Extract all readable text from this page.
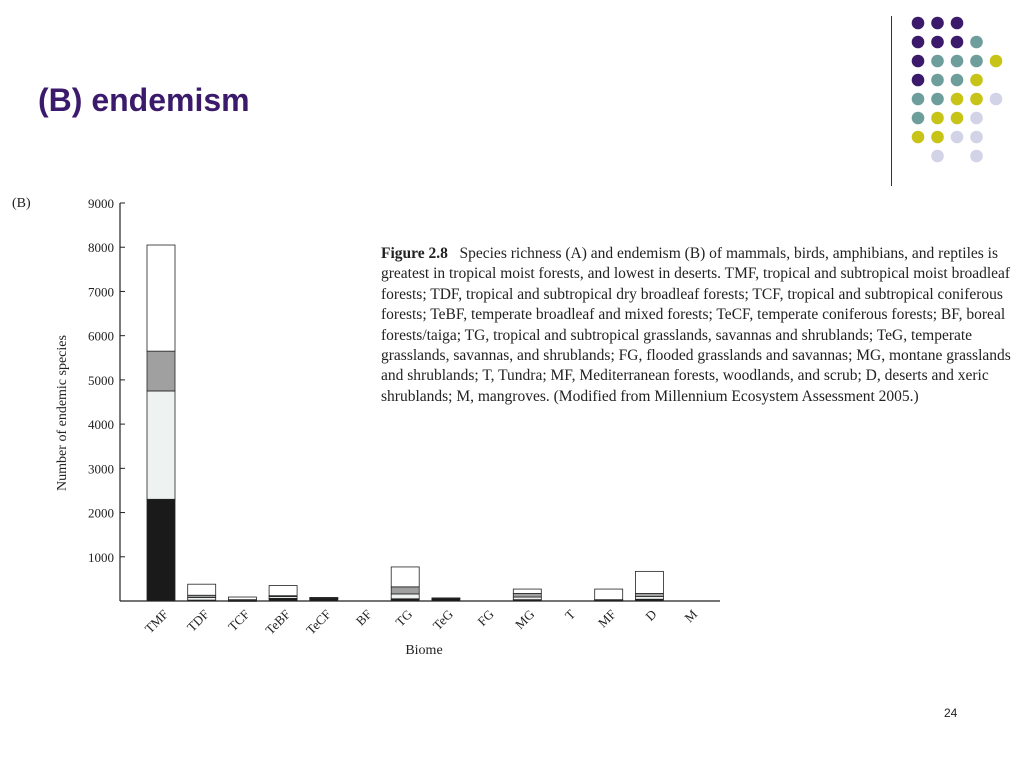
(B) endemism
(B)
Number of endemic species
Biome
1000
2000
3000
4000
5000
6000
7000
8000
9000
TMF TDF TCF TeBF TeCF BF TG TeG FG MG T MF D M
Figure 2.8 Species richness (A) and endemism (B) of mammals, birds, amphibians, and reptiles is greatest in tropical moist forests, and lowest in deserts. TMF, tropical and subtropical moist broadleaf forests; TDF, tropical and subtropical dry broadleaf forests; TCF, tropical and subtropical coniferous forests; TeBF, temperate broadleaf and mixed forests; TeCF, temperate coniferous forests; BF, boreal forests/taiga; TG, tropical and subtropical grasslands, savannas and shrublands; TeG, temperate grasslands, savannas, and shrublands; FG, flooded grasslands and savannas; MG, montane grasslands and shrublands; T, Tundra; MF, Mediterranean forests, woodlands, and scrub; D, deserts and xeric shrublands; M, mangroves. (Modified from Millennium Ecosystem Assessment 2005.)
24
